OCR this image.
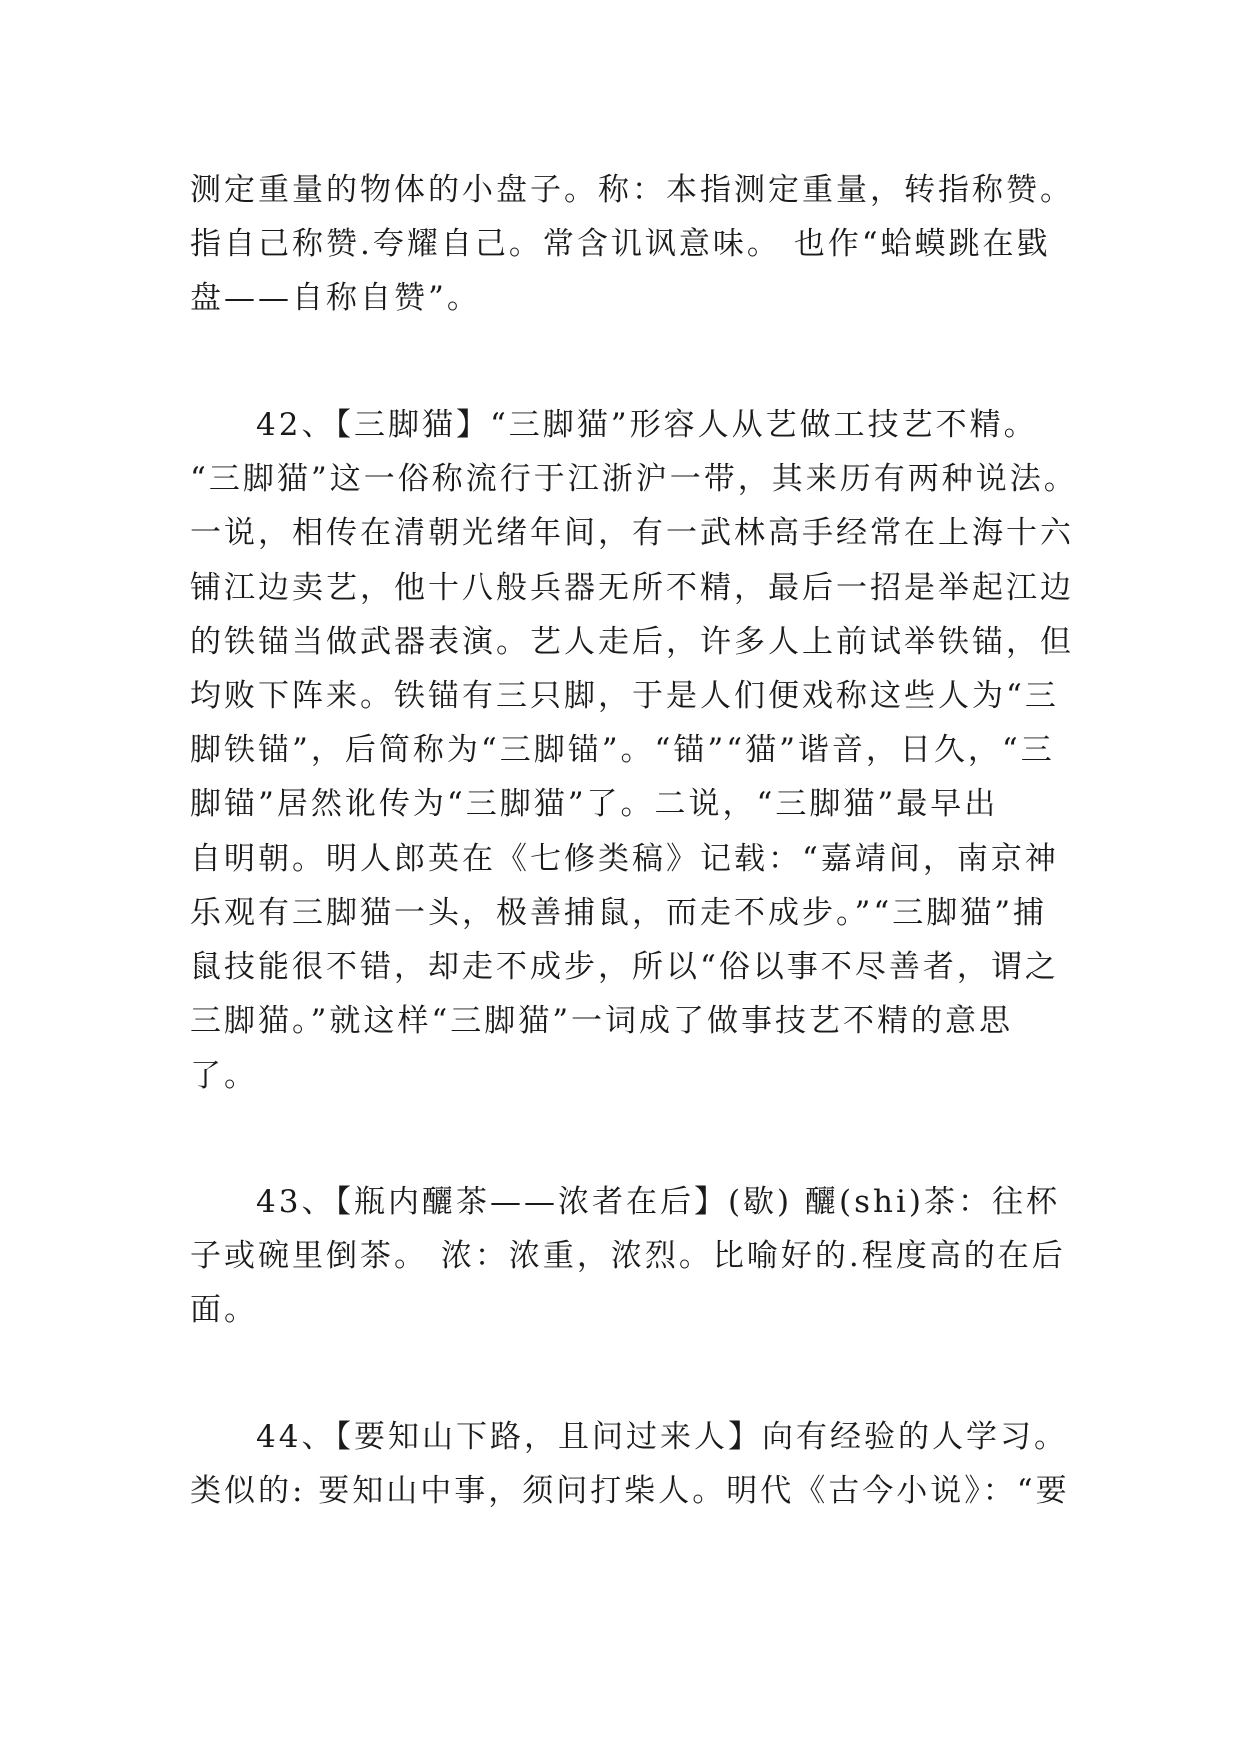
测定重量的物体的小盘子。称：本指测定重量，转指称赞。
指自己称赞.夸耀自己。常含讥讽意味。 也作“蛤蟆跳在戥
盘——自称自赞”。
42、【三脚猫】“三脚猫”形容人从艺做工技艺不精。
“三脚猫”这一俗称流行于江浙沪一带，其来历有两种说法。
一说，相传在清朝光绪年间，有一武林高手经常在上海十六
铺江边卖艺，他十八般兵器无所不精，最后一招是举起江边
的铁锚当做武器表演。艺人走后，许多人上前试举铁锚，但
均败下阵来。铁锚有三只脚，于是人们便戏称这些人为“三
脚铁锚”，后简称为“三脚锚”。“锚”“猫”谐音，日久，“三
脚锚”居然讹传为“三脚猫”了。二说，“三脚猫”最早出
自明朝。明人郎英在《七修类稿》记载：“嘉靖间，南京神
乐观有三脚猫一头，极善捕鼠，而走不成步。”“三脚猫”捕
鼠技能很不错，却走不成步，所以“俗以事不尽善者，谓之
三脚猫。”就这样“三脚猫”一词成了做事技艺不精的意思
了。
43、【瓶内釃茶——浓者在后】(歇) 釃(shi)茶：往杯
子或碗里倒茶。 浓：浓重，浓烈。比喻好的.程度高的在后
面。
44、【要知山下路，且问过来人】向有经验的人学习。
类似的: 要知山中事，须问打柴人。明代《古今小说》：“要
